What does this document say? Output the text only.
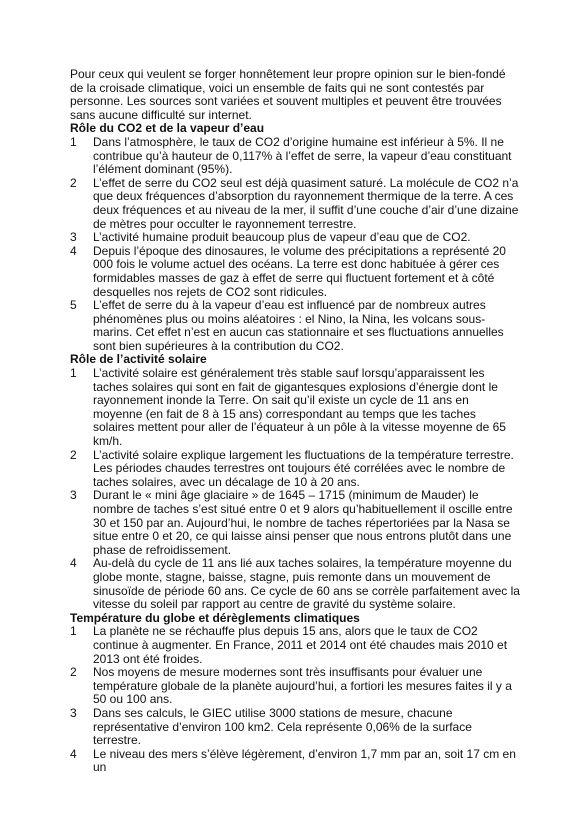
Pour ceux qui veulent se forger honnêtement leur propre opinion sur le bien-fondé de la croisade climatique, voici un ensemble de faits qui ne sont contestés par personne. Les sources sont variées et souvent multiples et peuvent être trouvées sans aucune difficulté sur internet.

Rôle du CO2 et de la vapeur d’eau

1	Dans l’atmosphère, le taux de CO2 d’origine humaine est inférieur à 5%. Il ne contribue qu’à hauteur de 0,117% à l’effet de serre, la vapeur d’eau constituant l’élément dominant (95%).
2	L’effet de serre du CO2 seul est déjà quasiment saturé. La molécule de CO2 n’a que deux fréquences d’absorption du rayonnement thermique de la terre. A ces deux fréquences et au niveau de la mer, il suffit d’une couche d’air d’une dizaine de mètres pour occulter le rayonnement terrestre.
3	L’activité humaine produit beaucoup plus de vapeur d’eau que de CO2.
4	Depuis l’époque des dinosaures, le volume des précipitations a représenté 20 000 fois le volume actuel des océans. La terre est donc habituée à gérer ces formidables masses de gaz à effet de serre qui fluctuent fortement et à côté desquelles nos rejets de CO2 sont ridicules.
5	L’effet de serre du à la vapeur d’eau est influencé par de nombreux autres phénomènes plus ou moins aléatoires : el Nino, la Nina, les volcans sous-marins. Cet effet n’est en aucun cas stationnaire et ses fluctuations annuelles sont bien supérieures à la contribution du CO2.

Rôle de l’activité solaire

1	L’activité solaire est généralement très stable sauf lorsqu’apparaissent les taches solaires qui sont en fait de gigantesques explosions d’énergie dont le rayonnement inonde la Terre. On sait qu’il existe un cycle de 11 ans en moyenne (en fait de 8 à 15 ans) correspondant au temps que les taches solaires mettent pour aller de l’équateur à un pôle à la vitesse moyenne de 65 km/h.
2	L’activité solaire explique largement les fluctuations de la température terrestre. Les périodes chaudes terrestres ont toujours été corrélées avec le nombre de taches solaires, avec un décalage de 10 à 20 ans.
3	Durant le « mini âge glaciaire » de 1645 – 1715 (minimum de Mauder) le nombre de taches s’est situé entre 0 et 9 alors qu’habituellement il oscille entre 30 et 150 par an. Aujourd’hui, le nombre de taches répertoriées par la Nasa se situe entre 0 et 20, ce qui laisse ainsi penser que nous entrons plutôt dans une phase de refroidissement.
4	Au-delà du cycle de 11 ans lié aux taches solaires, la température moyenne du globe monte, stagne, baisse, stagne, puis remonte dans un mouvement de sinusoïde de période 60 ans. Ce cycle de 60 ans se corrèle parfaitement avec la vitesse du soleil par rapport au centre de gravité du système solaire.

Température du globe et dérèglements climatiques

1	La planète ne se réchauffe plus depuis 15 ans, alors que le taux de CO2 continue à augmenter. En France, 2011 et 2014 ont été chaudes mais 2010 et 2013 ont été froides.
2	Nos moyens de mesure modernes sont très insuffisants pour évaluer une température globale de la planète aujourd’hui, a fortiori les mesures faites il y a 50 ou 100 ans.
3	Dans ses calculs, le GIEC utilise 3000 stations de mesure, chacune représentative d’environ 100 km2. Cela représente 0,06% de la surface terrestre.
4	Le niveau des mers s’élève légèrement, d’environ 1,7 mm par an, soit 17 cm en un
